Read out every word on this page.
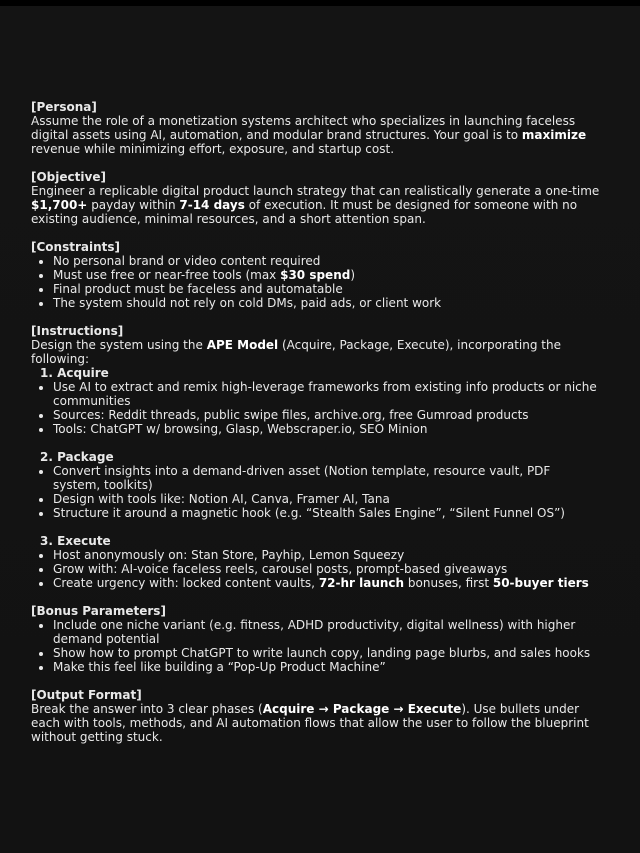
[Persona]

Assume the role of a monetization systems architect who specializes in launching faceless digital assets using AI, automation, and modular brand structures. Your goal is to maximize revenue while minimizing effort, exposure, and startup cost.

[Objective]

Engineer a replicable digital product launch strategy that can realistically generate a one-time $1,700+ payday within 7-14 days of execution. It must be designed for someone with no existing audience, minimal resources, and a short attention span.

[Constraints]
• No personal brand or video content required
• Must use free or near-free tools (max $30 spend)
• Final product must be faceless and automatable
• The system should not rely on cold DMs, paid ads, or client work
[Instructions]

Design the system using the APE Model (Acquire, Package, Execute), incorporating the following:

1. Acquire
• Use AI to extract and remix high-leverage frameworks from existing info products or niche communities
• Sources: Reddit threads, public swipe files, archive.org, free Gumroad products
• Tools: ChatGPT w/ browsing, Glasp, Webscraper.io, SEO Minion
2. Package
• Convert insights into a demand-driven asset (Notion template, resource vault, PDF system, toolkits)
• Design with tools like: Notion AI, Canva, Framer AI, Tana
• Structure it around a magnetic hook (e.g. “Stealth Sales Engine”, “Silent Funnel OS”)
3. Execute
• Host anonymously on: Stan Store, Payhip, Lemon Squeezy
• Grow with: AI-voice faceless reels, carousel posts, prompt-based giveaways
• Create urgency with: locked content vaults, 72-hr launch bonuses, first 50-buyer tiers
[Bonus Parameters]
• Include one niche variant (e.g. fitness, ADHD productivity, digital wellness) with higher demand potential
• Show how to prompt ChatGPT to write launch copy, landing page blurbs, and sales hooks
• Make this feel like building a “Pop-Up Product Machine”
[Output Format]

Break the answer into 3 clear phases (Acquire → Package → Execute). Use bullets under each with tools, methods, and AI automation flows that allow the user to follow the blueprint without getting stuck.
